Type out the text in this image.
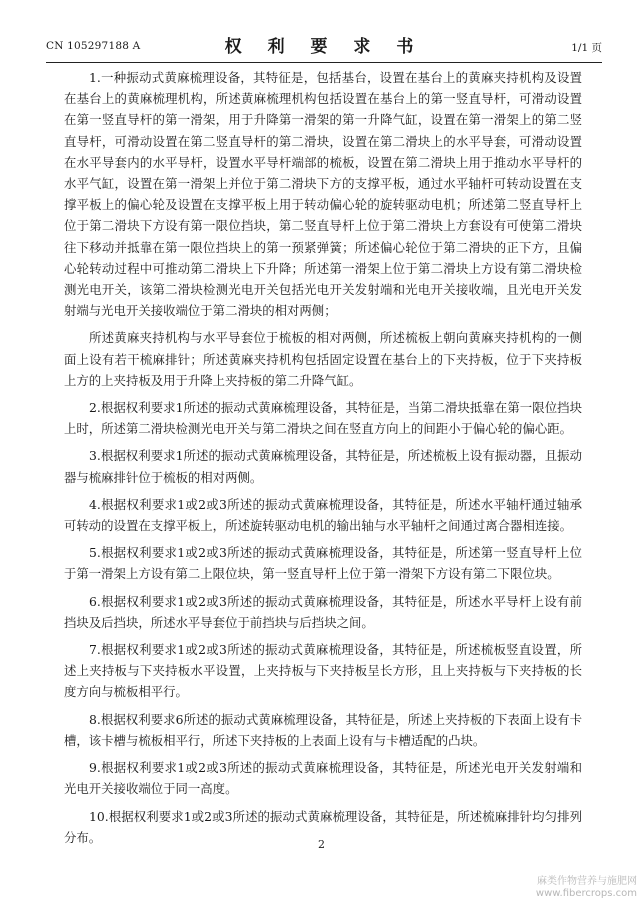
CN 105297188 A	权 利 要 求 书	1/1 页

1.一种振动式黄麻梳理设备，其特征是，包括基台，设置在基台上的黄麻夹持机构及设置在基台上的黄麻梳理机构，所述黄麻梳理机构包括设置在基台上的第一竖直导杆，可滑动设置在第一竖直导杆的第一滑架，用于升降第一滑架的第一升降气缸，设置在第一滑架上的第二竖直导杆，可滑动设置在第二竖直导杆的第二滑块，设置在第二滑块上的水平导套，可滑动设置在水平导套内的水平导杆，设置水平导杆端部的梳板，设置在第二滑块上用于推动水平导杆的水平气缸，设置在第一滑架上并位于第二滑块下方的支撑平板，通过水平轴杆可转动设置在支撑平板上的偏心轮及设置在支撑平板上用于转动偏心轮的旋转驱动电机；所述第二竖直导杆上位于第二滑块下方设有第一限位挡块，第二竖直导杆上位于第二滑块上方套设有可使第二滑块往下移动并抵靠在第一限位挡块上的第一预紧弹簧；所述偏心轮位于第二滑块的正下方，且偏心轮转动过程中可推动第二滑块上下升降；所述第一滑架上位于第二滑块上方设有第二滑块检测光电开关，该第二滑块检测光电开关包括光电开关发射端和光电开关接收端，且光电开关发射端与光电开关接收端位于第二滑块的相对两侧；

所述黄麻夹持机构与水平导套位于梳板的相对两侧，所述梳板上朝向黄麻夹持机构的一侧面上设有若干梳麻排针；所述黄麻夹持机构包括固定设置在基台上的下夹持板，位于下夹持板上方的上夹持板及用于升降上夹持板的第二升降气缸。

2.根据权利要求1所述的振动式黄麻梳理设备，其特征是，当第二滑块抵靠在第一限位挡块上时，所述第二滑块检测光电开关与第二滑块之间在竖直方向上的间距小于偏心轮的偏心距。

3.根据权利要求1所述的振动式黄麻梳理设备，其特征是，所述梳板上设有振动器，且振动器与梳麻排针位于梳板的相对两侧。

4.根据权利要求1或2或3所述的振动式黄麻梳理设备，其特征是，所述水平轴杆通过轴承可转动的设置在支撑平板上，所述旋转驱动电机的输出轴与水平轴杆之间通过离合器相连接。

5.根据权利要求1或2或3所述的振动式黄麻梳理设备，其特征是，所述第一竖直导杆上位于第一滑架上方设有第二上限位块，第一竖直导杆上位于第一滑架下方设有第二下限位块。

6.根据权利要求1或2或3所述的振动式黄麻梳理设备，其特征是，所述水平导杆上设有前挡块及后挡块，所述水平导套位于前挡块与后挡块之间。

7.根据权利要求1或2或3所述的振动式黄麻梳理设备，其特征是，所述梳板竖直设置，所述上夹持板与下夹持板水平设置，上夹持板与下夹持板呈长方形，且上夹持板与下夹持板的长度方向与梳板相平行。

8.根据权利要求6所述的振动式黄麻梳理设备，其特征是，所述上夹持板的下表面上设有卡槽，该卡槽与梳板相平行，所述下夹持板的上表面上设有与卡槽适配的凸块。

9.根据权利要求1或2或3所述的振动式黄麻梳理设备，其特征是，所述光电开关发射端和光电开关接收端位于同一高度。

10.根据权利要求1或2或3所述的振动式黄麻梳理设备，其特征是，所述梳麻排针均匀排列分布。	2
麻类作物营养与施肥网
www.fibercrops.com
